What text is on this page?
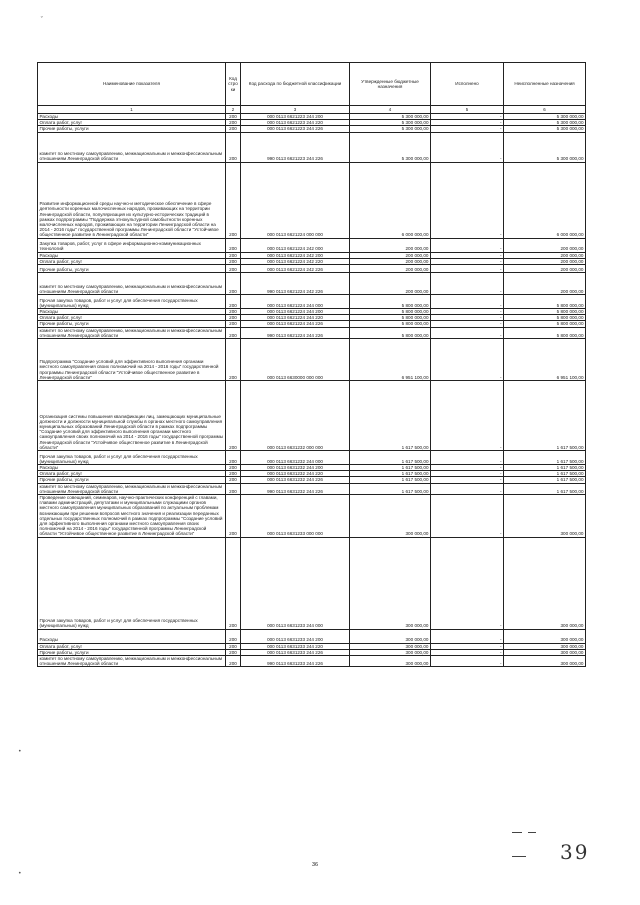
ˇ
Наименование показателя	Код стро ки	Код расхода по бюджетной классификации	Утвержденные бюджетные назначения	Исполнено	Неисполненные назначения
1	2	3	4	5	6
Расходы	200	000 0113 6621223 244 200	5 300 000,00	-	5 300 000,00
Оплата работ, услуг	200	000 0113 6621223 244 220	5 300 000,00	-	5 300 000,00
Прочие работы, услуги	200	000 0113 6621223 244 226	5 300 000,00	-	5 300 000,00
комитет по местному самоуправлению, межнациональным и межконфессиональным отношениям Ленинградской области	200	990 0113 6621223 244 226	5 300 000,00	-	5 300 000,00
Развитие информационной среды научно-и методическое обеспечение в сфере деятельности коренных малочисленных народов, проживающих на территории Ленинградской области, популяризация их культурно-исторических традиций в рамках подпрограммы "Поддержка этнокультурной самобытности коренных малочисленных народов, проживающих на территории Ленинградской области на 2014 - 2016 годы" государственной программы Ленинградской области "Устойчивое общественное развитие в Ленинградской области"	200	000 0113 6621224 000 000	6 000 000,00	-	6 000 000,00
Закупка товаров, работ, услуг в сфере информационно-коммуникационных технологий	200	000 0113 6621224 242 000	200 000,00	-	200 000,00
Расходы	200	000 0113 6621224 242 200	200 000,00	-	200 000,00
Оплата работ, услуг	200	000 0113 6621224 242 220	200 000,00	-	200 000,00
Прочие работы, услуги	200	000 0113 6621224 242 226	200 000,00	-	200 000,00
комитет по местному самоуправлению, межнациональным и межконфессиональным отношениям Ленинградской области	200	990 0113 6621224 242 226	200 000,00	-	200 000,00
Прочая закупка товаров, работ и услуг для обеспечения государственных (муниципальных) нужд	200	000 0113 6621224 244 000	5 800 000,00	-	5 800 000,00
Расходы	200	000 0113 6621224 244 200	5 800 000,00	-	5 800 000,00
Оплата работ, услуг	200	000 0113 6621224 244 220	5 800 000,00	-	5 800 000,00
Прочие работы, услуги	200	000 0113 6621224 244 226	5 800 000,00	-	5 800 000,00
комитет по местному самоуправлению, межнациональным и межконфессиональным отношениям Ленинградской области	200	990 0113 6621224 244 226	5 800 000,00	-	5 800 000,00
Подпрограмма "Создание условий для эффективного выполнения органами местного самоуправления своих полномочий на 2014 - 2016 годы" государственной программы Ленинградской области "Устойчивое общественное развитие в Ленинградской области"	200	000 0113 6630000 000 000	6 951 100,00	-	6 951 100,00
Организация системы повышения квалификации лиц, замещающих муниципальные должности и должности муниципальной службы в органах местного самоуправления муниципальных образований Ленинградской области в рамках подпрограммы "Создание условий для эффективного выполнения органами местного самоуправления своих полномочий на 2014 - 2016 годы" государственной программы Ленинградской области "Устойчивое общественное развитие в Ленинградской области"	200	000 0113 6631232 000 000	1 617 500,00	-	1 617 500,00
Прочая закупка товаров, работ и услуг для обеспечения государственных (муниципальных) нужд	200	000 0113 6631232 244 000	1 617 500,00	-	1 617 500,00
Расходы	200	000 0113 6631232 244 200	1 617 500,00	-	1 617 500,00
Оплата работ, услуг	200	000 0113 6631232 244 220	1 617 500,00	-	1 617 500,00
Прочие работы, услуги	200	000 0113 6631232 244 226	1 617 500,00	-	1 617 500,00
комитет по местному самоуправлению, межнациональным и межконфессиональным отношениям Ленинградской области	200	990 0113 6631232 244 226	1 617 500,00	-	1 617 500,00
Проведение совещаний, семинаров, научно-практических конференций с главами, главами администраций, депутатами и муниципальными служащими органов местного самоуправления муниципальных образований по актуальным проблемам возникающим при решении вопросов местного значения и реализации переданных отдельных государственных полномочий в рамках подпрограммы "Создание условий для эффективного выполнения органами местного самоуправления своих полномочий на 2014 - 2016 годы" государственной программы Ленинградской области "Устойчивое общественное развитие в Ленинградской области"	200	000 0113 6631233 000 000	300 000,00	-	300 000,00
Прочая закупка товаров, работ и услуг для обеспечения государственных (муниципальных) нужд	200	000 0113 6631233 244 000	300 000,00	-	300 000,00
Расходы	200	000 0113 6631233 244 200	300 000,00	-	300 000,00
Оплата работ, услуг	200	000 0113 6631233 244 220	300 000,00	-	300 000,00
Прочие работы, услуги	200	000 0113 6631233 244 226	300 000,00	-	300 000,00
комитет по местному самоуправлению, межнациональным и межконфессиональным отношениям Ленинградской области	200	990 0113 6631233 244 226	300 000,00	-	300 000,00
•
•
36
39
